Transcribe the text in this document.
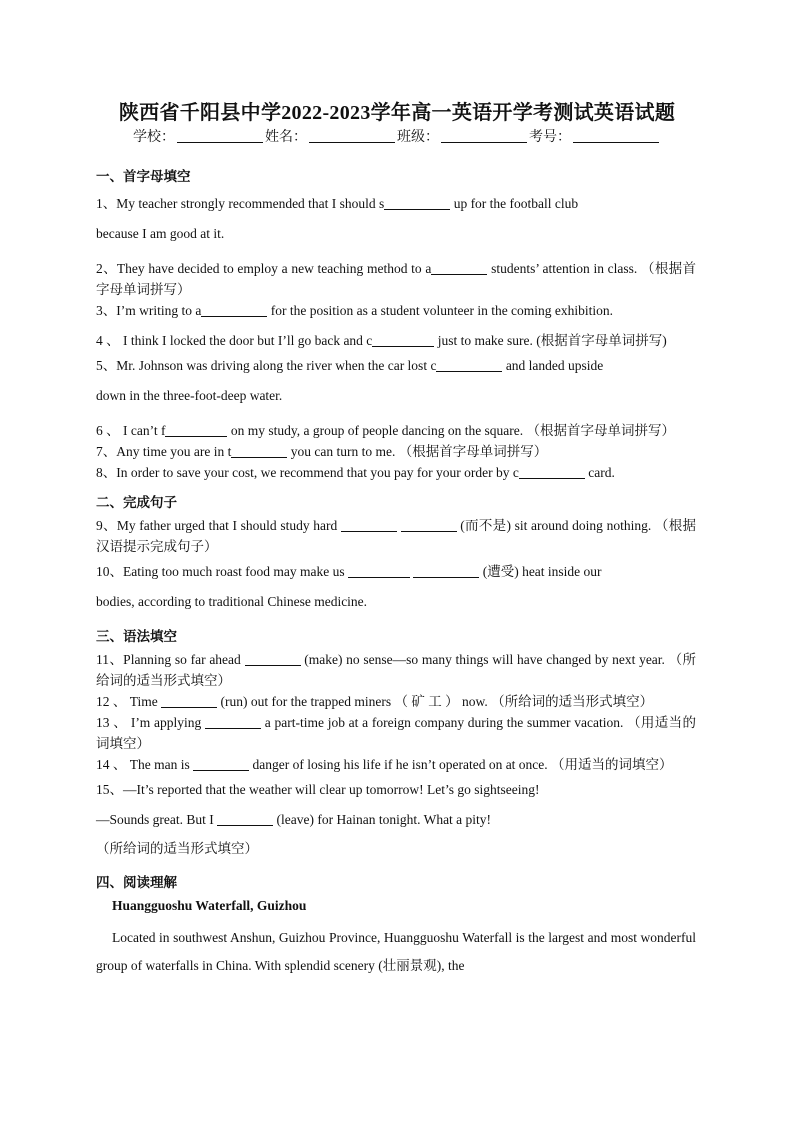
陕西省千阳县中学2022-2023学年高一英语开学考测试英语试题
学校：	姓名：	班级：	考号：

一、首字母填空

1、My teacher strongly recommended that I should s	up for the football club

because I am good at it.

2、They have decided to employ a new teaching method to a	students’ attention in class. （根据首字母单词拼写）

3、I’m writing to a	for the position as a student volunteer in the coming exhibition.

4 、 I think I locked the door but I’ll go back and c	just to make sure. (根据首字母单词拼写)

5、Mr. Johnson was driving along the river when the car lost c	and landed upside

down in the three-foot-deep water.

6 、 I can’t f	on my study, a group of people dancing on the square. （根据首字母单词拼写）

7、Any time you are in t	you can turn to me. （根据首字母单词拼写）

8、In order to save your cost, we recommend that you pay for your order by c	card.

二、完成句子

9、My father urged that I should study hard	(而不是) sit around doing nothing. （根据汉语提示完成句子）

10、Eating too much roast food may make us	(遭受) heat inside our

bodies, according to traditional Chinese medicine.

三、语法填空

11、Planning so far ahead	(make) no sense—so many things will have changed by next year. （所给词的适当形式填空）

12 、 Time	(run) out for the trapped miners （ 矿 工 ） now. （所给词的适当形式填空）

13 、 I’m applying	a part-time job at a foreign company during the summer vacation. （用适当的词填空）

14 、 The man is	danger of losing his life if he isn’t operated on at once. （用适当的词填空）

15、—It’s reported that the weather will clear up tomorrow! Let’s go sightseeing!

—Sounds great. But I	(leave) for Hainan tonight. What a pity!

（所给词的适当形式填空）

四、阅读理解

Huangguoshu Waterfall, Guizhou

Located in southwest Anshun, Guizhou Province, Huangguoshu Waterfall is the largest and most wonderful group of waterfalls in China. With splendid scenery (壮丽景观), the
